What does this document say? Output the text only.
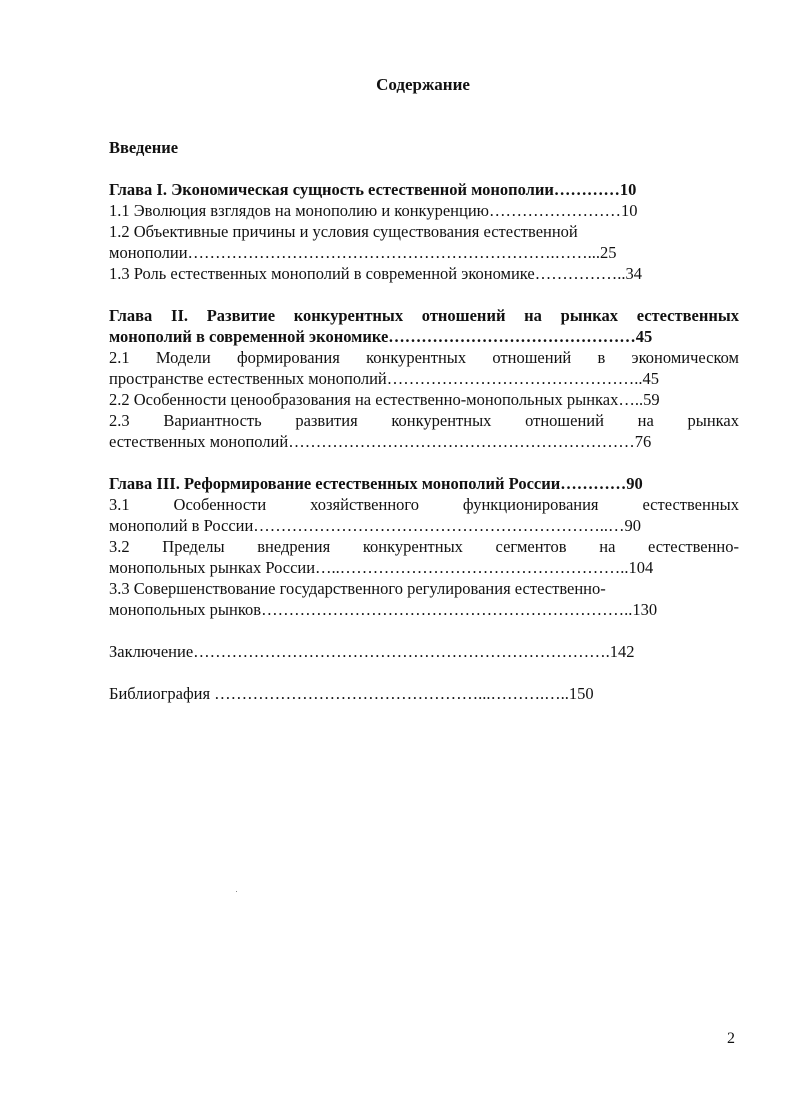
Содержание
Введение
Глава I. Экономическая сущность естественной монополии…………10
1.1 Эволюция взглядов на монополию и конкуренцию……………………10
1.2 Объективные причины и условия существования естественной
монополии………………………………………………………….……...25
1.3 Роль естественных монополий в современной экономике……………..34
Глава II. Развитие конкурентных отношений на рынках естественных
монополий в современной экономике………………………………………45
2.1 Модели формирования конкурентных отношений в экономическом
пространстве естественных монополий………………………………………..45
2.2 Особенности ценообразования на естественно-монопольных рынках…..59
2.3 Вариантность развития конкурентных отношений на рынках
естественных монополий………………………………………………………76
Глава III. Реформирование естественных монополий России…………90
3.1 Особенности хозяйственного функционирования естественных
монополий в России………………………………………………………..…90
3.2 Пределы внедрения конкурентных сегментов на естественно-
монопольных рынках России…..……………………………………………..104
3.3 Совершенствование государственного регулирования естественно-
монопольных рынков…………………………………………………………..130
Заключение………………………………………………………………….142
Библиография …………………………………………...……….…..150
2
